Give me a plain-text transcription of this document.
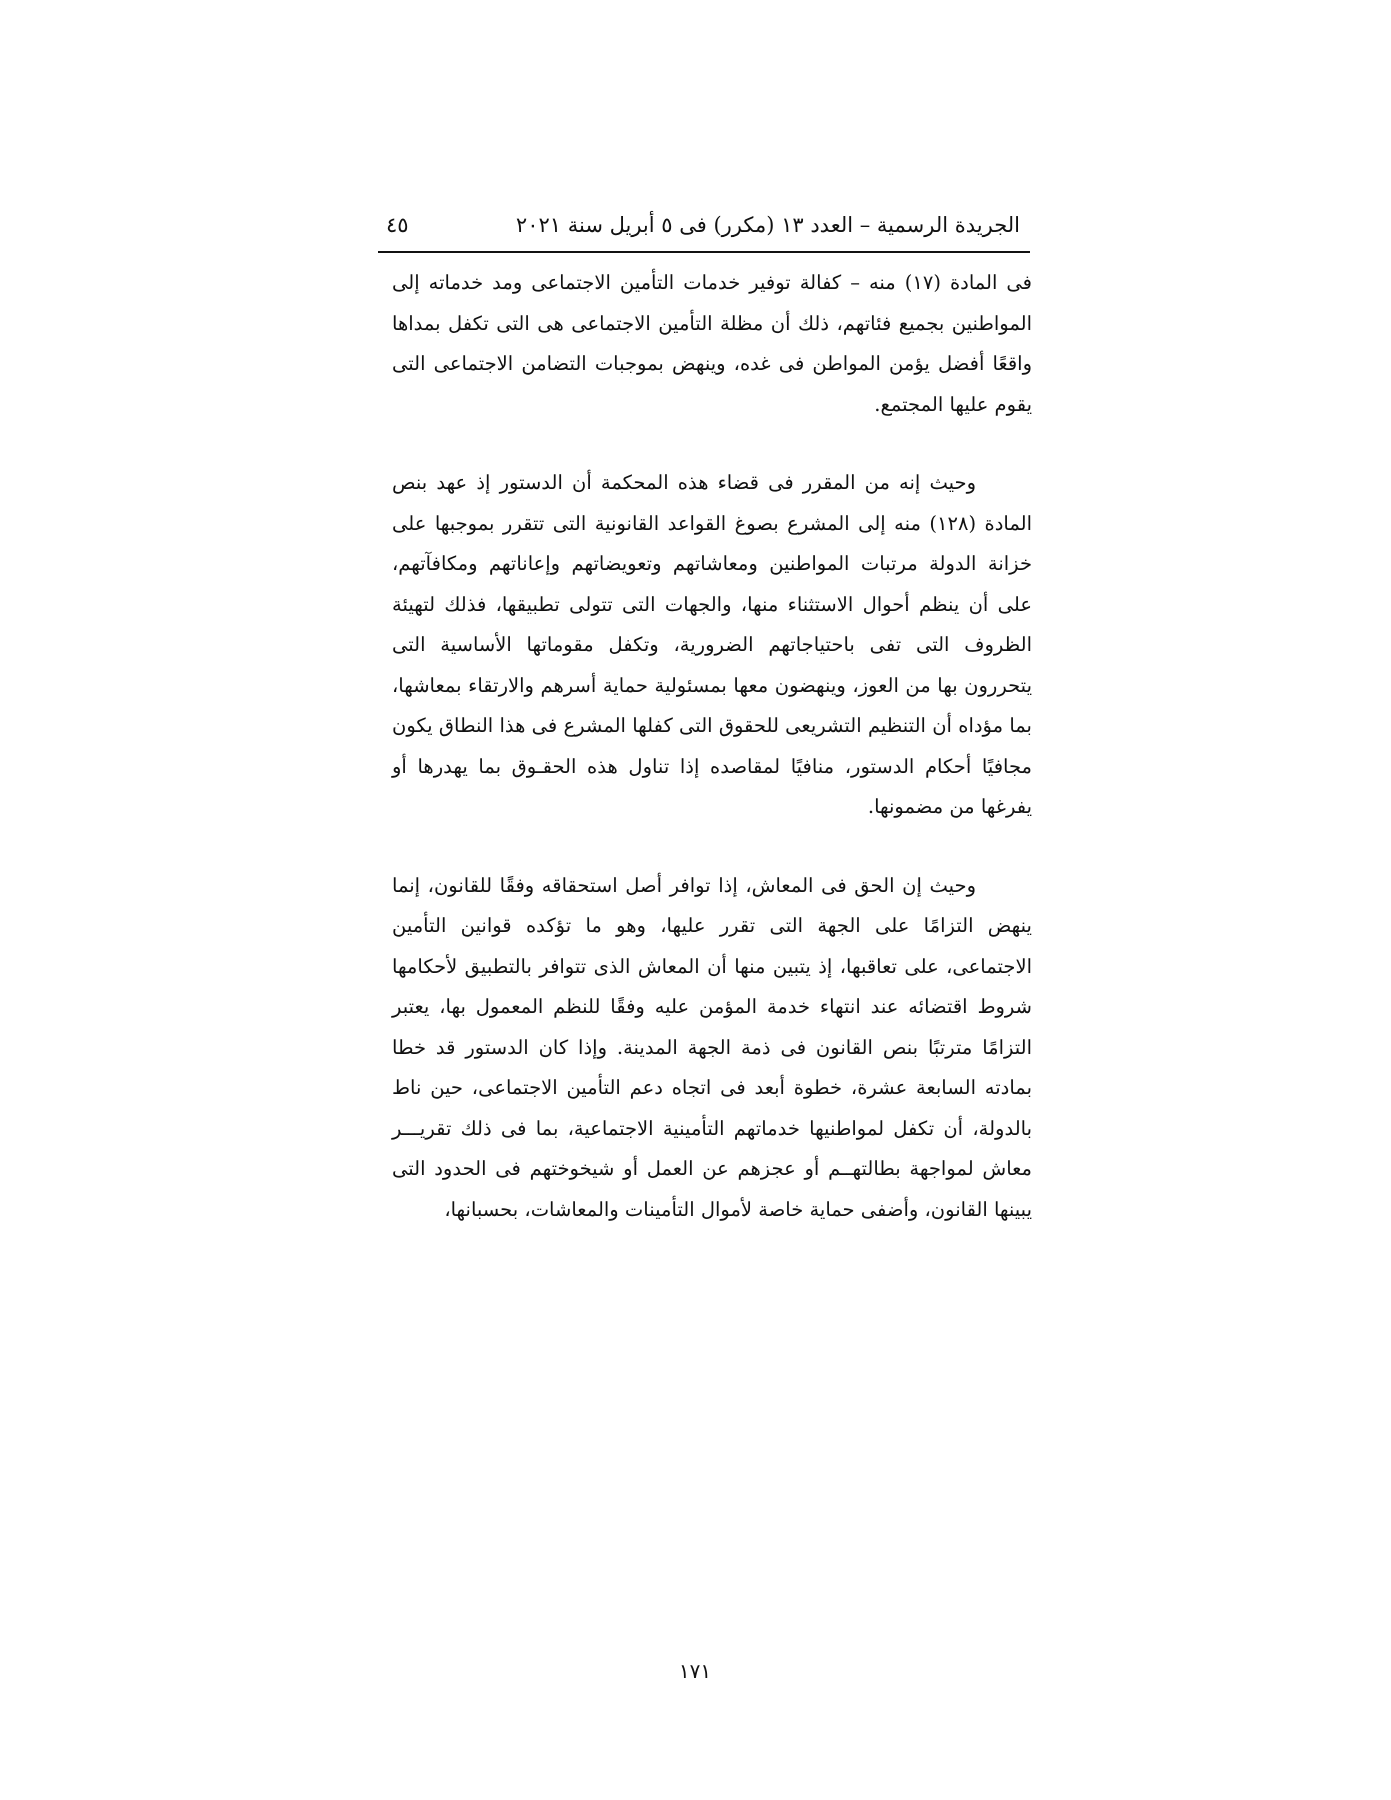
الجريدة الرسمية – العدد ١٣ (مكرر) فى ٥ أبريل سنة ٢٠٢١
٤٥

فى المادة (١٧) منه – كفالة توفير خدمات التأمين الاجتماعى ومد خدماته إلى المواطنين بجميع فئاتهم، ذلك أن مظلة التأمين الاجتماعى هى التى تكفل بمداها واقعًا أفضل يؤمن المواطن فى غده، وينهض بموجبات التضامن الاجتماعى التى يقوم عليها المجتمع.

وحيث إنه من المقرر فى قضاء هذه المحكمة أن الدستور إذ عهد بنص المادة (١٢٨) منه إلى المشرع بصوغ القواعد القانونية التى تتقرر بموجبها على خزانة الدولة مرتبات المواطنين ومعاشاتهم وتعويضاتهم وإعاناتهم ومكافآتهم، على أن ينظم أحوال الاستثناء منها، والجهات التى تتولى تطبيقها، فذلك لتهيئة الظروف التى تفى باحتياجاتهم الضرورية، وتكفل مقوماتها الأساسية التى يتحررون بها من العوز، وينهضون معها بمسئولية حماية أسرهم والارتقاء بمعاشها، بما مؤداه أن التنظيم التشريعى للحقوق التى كفلها المشرع فى هذا النطاق يكون مجافيًا أحكام الدستور، منافيًا لمقاصده إذا تناول هذه الحقـوق بما يهدرها أو يفرغها من مضمونها.

وحيث إن الحق فى المعاش، إذا توافر أصل استحقاقه وفقًا للقانون، إنما ينهض التزامًا على الجهة التى تقرر عليها، وهو ما تؤكده قوانين التأمين الاجتماعى، على تعاقبها، إذ يتبين منها أن المعاش الذى تتوافر بالتطبيق لأحكامها شروط اقتضائه عند انتهاء خدمة المؤمن عليه وفقًا للنظم المعمول بها، يعتبر التزامًا مترتبًا بنص القانون فى ذمة الجهة المدينة. وإذا كان الدستور قد خطا بمادته السابعة عشرة، خطوة أبعد فى اتجاه دعم التأمين الاجتماعى، حين ناط بالدولة، أن تكفل لمواطنيها خدماتهم التأمينية الاجتماعية، بما فى ذلك تقريـــر معاش لمواجهة بطالتهــم أو عجزهم عن العمل أو شيخوختهم فى الحدود التى يبينها القانون، وأضفى حماية خاصة لأموال التأمينات والمعاشات، بحسبانها،

١٧١
